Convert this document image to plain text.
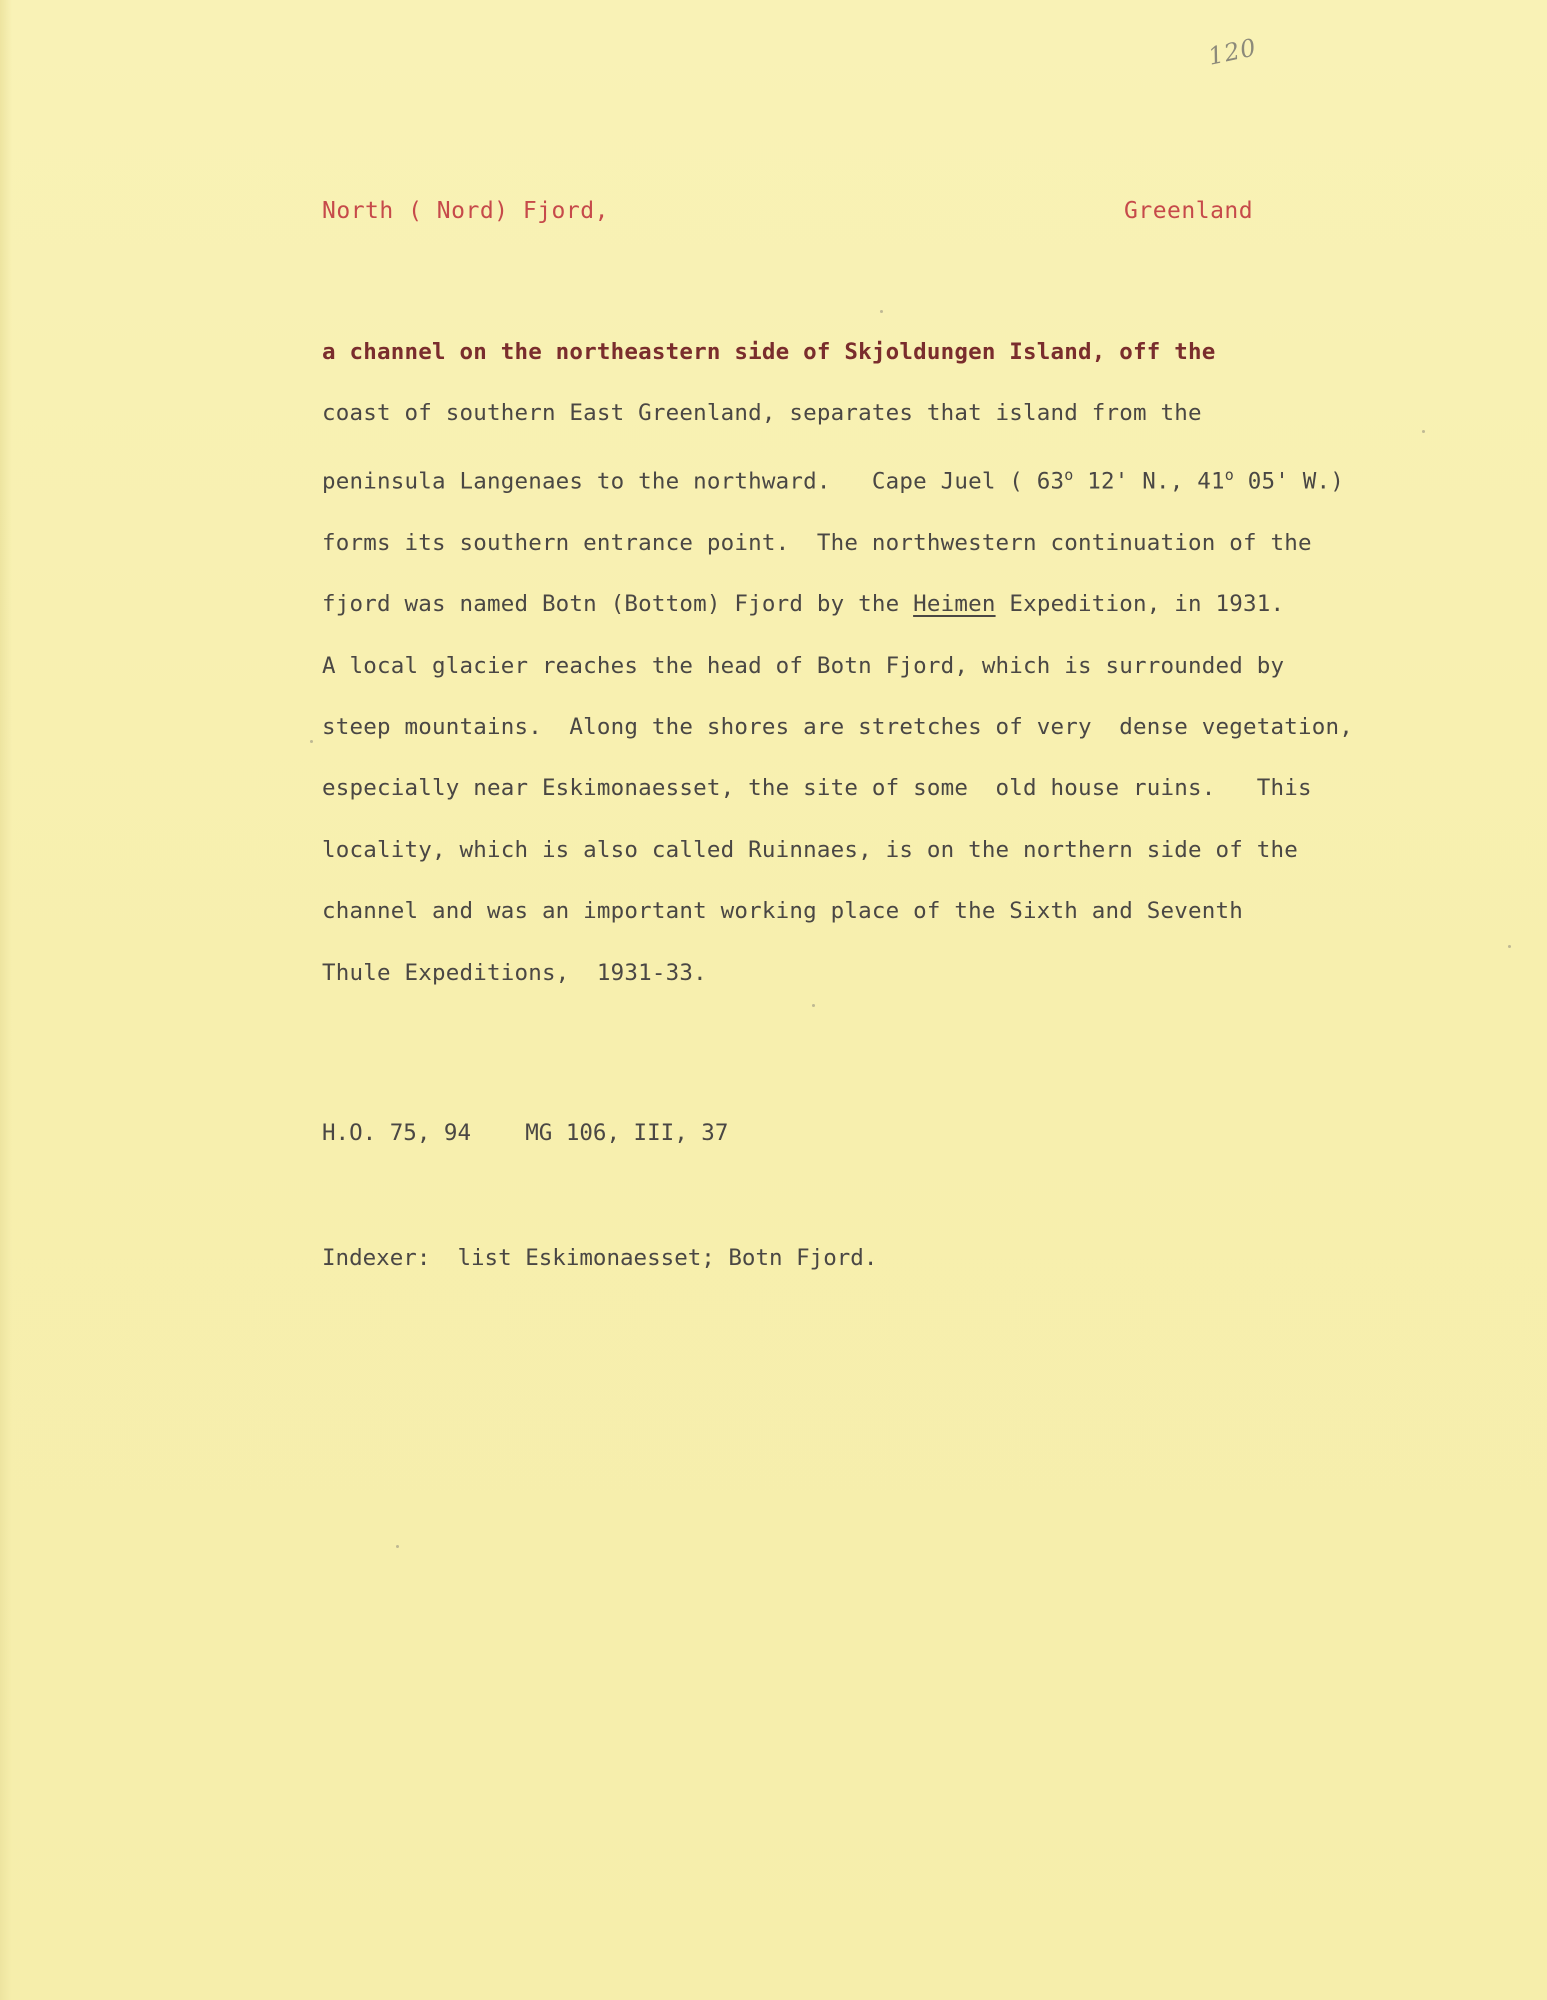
120
North ( Nord) Fjord,	Greenland
a channel on the northeastern side of Skjoldungen Island, off the
coast of southern East Greenland, separates that island from the
peninsula Langenaes to the northward.   Cape Juel ( 63$^o$ 12' N., 41$^o$ 05' W.)
forms its southern entrance point.  The northwestern continuation of the
fjord was named Botn (Bottom) Fjord by the Heimen Expedition, in 1931.
A local glacier reaches the head of Botn Fjord, which is surrounded by
steep mountains.  Along the shores are stretches of very  dense vegetation,
especially near Eskimonaesset, the site of some  old house ruins.   This
locality, which is also called Ruinnaes, is on the northern side of the
channel and was an important working place of the Sixth and Seventh
Thule Expeditions,  1931-33.
H.O. 75, 94    MG 106, III, 37
Indexer:  list Eskimonaesset; Botn Fjord.
